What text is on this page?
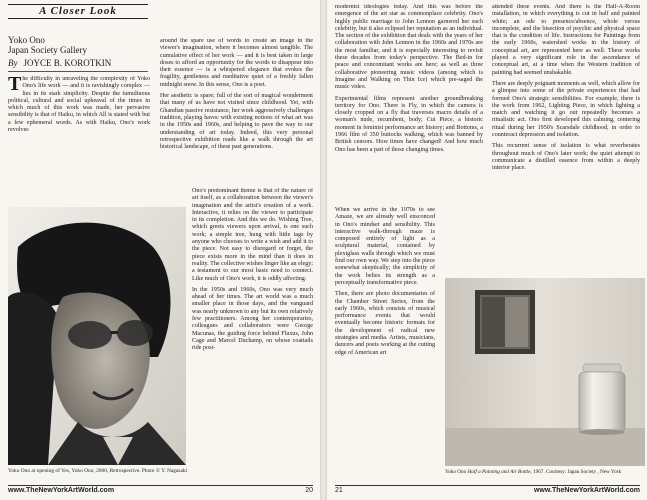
A Closer Look
Yoko Ono
Japan Society Gallery
By JOYCE B. KOROTKIN

The difficulty in unraveling the complexity of Yoko Ono's life work — and it is ravishingly complex — lies in its stark simplicity. Despite the tumultuous political, cultural and social upheaval of the times in which much of this work was made, her pervasive sensibility is that of Haiku, in which All is stated with but a few ephemeral words. As with Haiku, Ono's work revolves

around the spare use of words to create an image in the viewer's imagination, where it becomes almost tangible. The cumulative effect of her work — and it is best taken in large doses to afford an opportunity for the words to disappear into their essence — is a whispered elegance that evokes the fragility, gentleness and meditative quiet of a freshly fallen midnight snow. In this sense, Ono is a poet.

Her aesthetic is spare; full of the sort of magical wonderment that many of us have not visited since childhood. Yet, with Ghandian passive resistance, her work aggressively challenges tradition, playing havoc with existing notions of what art was in the 1950s and 1960s, and helping to pave the way to our understanding of art today. Indeed, this very personal retrospective exhibition reads like a walk through the art historical landscape, of these past generations.

Ono's predominant theme is that of the nature of art itself, as a collaboration between the viewer's imagination and the artist's creation of a work. Interactive, it relies on the viewer to participate in its completion. And this we do. Wishing Tree, which greets viewers upon arrival, is one such work; a simple tree, hung with little tags by anyone who chooses to write a wish and add it to the piece. Not easy to disregard or forget, the piece exists more in the mind than it does in reality. The collective wishes linger like an elegy; a testament to our most basic need to connect. Like much of Ono's work, it is oddly affecting.

In the 1950s and 1960s, Ono was very much ahead of her times. The art world was a much smaller place in those days, and the vanguard was nearly unknown to any but its own relatively few practitioners. Among her contemporaries, colleagues and collaborators were George Macunas, the guiding force behind Fluxus, John Cage and Marcel Duchamp, on whose coattails ride post-

Yoko Ono at opening of Yes, Yoko Ono, 2000, Retrospective. Photo © Y. Nagasaki
www.TheNewYorkArtWorld.com	20

modernist ideologies today. And this was before the emergence of the art star as commonplace celebrity. Ono's highly public marriage to John Lennon garnered her such celebrity, but it also eclipsed her reputation as an individual. The section of the exhibition that deals with the years of her collaboration with John Lennon in the 1960s and 1970s are the most familiar, and it is especially interesting to revisit these decades from today's perspective. The Bed-in for peace and concomitant works are here; as well as three collaborative pioneering music videos (among which is Imagine and Walking on Thin Ice) which pre-saged the music video.

Experimental films represent another groundbreaking territory for Ono. There is Fly, in which the camera is closely cropped on a fly that traverses macro details of a woman's nude, recumbent, body; Cut Piece, a historic moment in feminist performance art history; and Bottoms, a 1966 film of 350 buttocks walking, which was banned by British censors. How times have changed! And how much Ono has been a part of those changing times.

attended these events. And there is the Half-A-Room installation, in which everything is cut in half and painted white; an ode to presence/absence, whole versus incomplete, and the bisection of psychic and physical space that is the condition of life. Instructions for Paintings from the early 1960s, watershed works in the history of conceptual art, are represented here as well. These works played a very significant role in the ascendance of conceptual art, at a time when the Western tradition of painting had seemed unshakable.

There are deeply poignant moments as well, which allow for a glimpse into some of the private experiences that had formed Ono's strategic sensibilities. For example, there is the work from 1962, Lighting Piece, in which lighting a match and watching it go out repeatedly becomes a ritualistic act. Ono first developed this calming, centering ritual during her 1950's Scarsdale childhood, in order to counteract depression and isolation.

This recurrent sense of isolation is what reverberates throughout much of Ono's later work; the quiet attempt to communicate a distilled essence from within a deeply interior place.

When we arrive in the 1970s to see Amaze, we are already well ensconced in Ono's mindset and sensibility. This interactive walk-through maze is composed entirely of light as a sculptural material, contained by plexiglass walls through which we must find our own way. We step into the piece somewhat skeptically; the simplicity of the work belies its strength as a perceptually transformative piece.

Then, there are photo documentaries of the Chamber Street Series, from the early 1960s, which consists of musical performance events that would eventually become historic formats for the development of radical new strategies and media. Artists, musicians, dancers and poets working at the cutting edge of American art

Yoko Ono Half a Painting and Air Bottle, 1967. Courtesy: Japan Society , New York
21	www.TheNewYorkArtWorld.com
